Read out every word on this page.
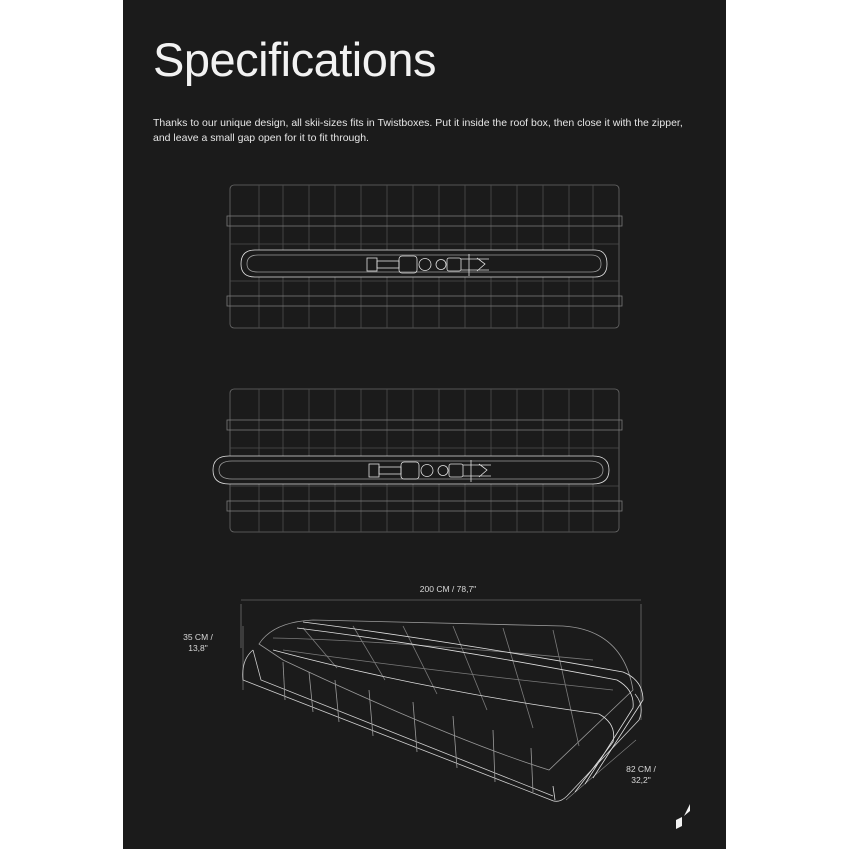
Specifications

Thanks to our unique design, all skii-sizes fits in Twistboxes. Put it inside the roof box, then close it with the zipper, and leave a small gap open for it to fit through.

200 CM / 78,7"
35 CM /
13,8"
82 CM /
32,2"
